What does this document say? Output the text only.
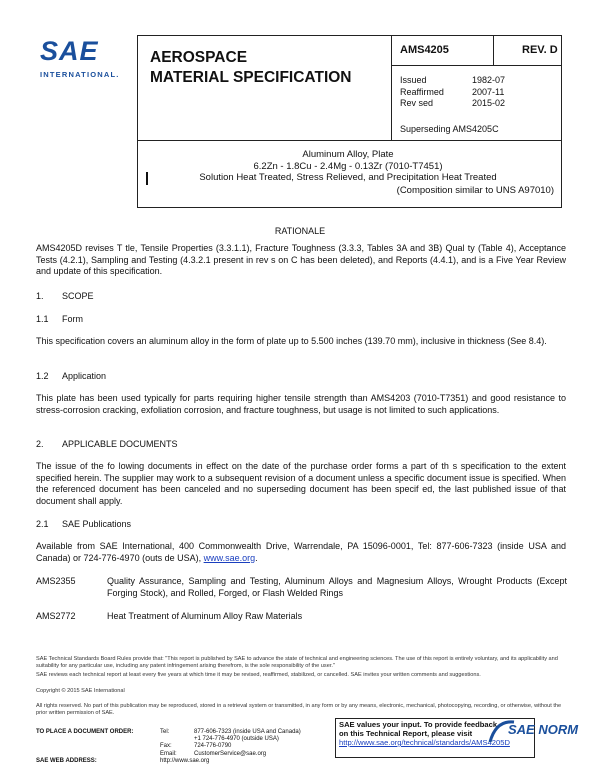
SAE
INTERNATIONAL.
AEROSPACE
MATERIAL SPECIFICATION
AMS4205	REV. D
Issued	1982-07
Reaffirmed	2007-11
Rev sed	2015-02
Superseding AMS4205C
Aluminum Alloy, Plate
6.2Zn - 1.8Cu - 2.4Mg - 0.13Zr (7010-T7451)
Solution Heat Treated, Stress Relieved, and Precipitation Heat Treated
(Composition similar to UNS A97010)
RATIONALE
AMS4205D revises T tle, Tensile Properties (3.3.1.1), Fracture Toughness (3.3.3, Tables 3A and 3B) Qual ty (Table 4), Acceptance Tests (4.2.1), Sampling and Testing (4.3.2.1 present in rev s on C has been deleted), and Reports (4.4.1), and is a Five Year Review and update of this specification.
1. SCOPE
1.1 Form
This specification covers an aluminum alloy in the form of plate up to 5.500 inches (139.70 mm), inclusive in thickness (See 8.4).
1.2 Application
This plate has been used typically for parts requiring higher tensile strength than AMS4203 (7010-T7351) and good resistance to stress-corrosion cracking, exfoliation corrosion, and fracture toughness, but usage is not limited to such applications.
2. APPLICABLE DOCUMENTS
The issue of the fo lowing documents in effect on the date of the purchase order forms a part of th s specification to the extent specified herein. The supplier may work to a subsequent revision of a document unless a specific document issue is specified. When the referenced document has been canceled and no superseding document has been specif ed, the last published issue of that document shall apply.
2.1 SAE Publications
Available from SAE International, 400 Commonwealth Drive, Warrendale, PA 15096-0001, Tel: 877-606-7323 (inside USA and Canada) or 724-776-4970 (outs de USA), www.sae.org.
AMS2355	Quality Assurance, Sampling and Testing, Aluminum Alloys and Magnesium Alloys, Wrought Products (Except Forging Stock), and Rolled, Forged, or Flash Welded Rings
AMS2772	Heat Treatment of Aluminum Alloy Raw Materials
SAE Technical Standards Board Rules provide that: "This report is published by SAE to advance the state of technical and engineering sciences. The use of this report is entirely voluntary, and its applicability and suitability for any particular use, including any patent infringement arising therefrom, is the sole responsibility of the user."
SAE reviews each technical report at least every five years at which time it may be revised, reaffirmed, stabilized, or cancelled. SAE invites your written comments and suggestions.
Copyright © 2015 SAE International
All rights reserved. No part of this publication may be reproduced, stored in a retrieval system or transmitted, in any form or by any means, electronic, mechanical, photocopying, recording, or otherwise, without the prior written permission of SAE.
TO PLACE A DOCUMENT ORDER:	Tel:	877-606-7323 (inside USA and Canada)
+1 724-776-4970 (outside USA)
Fax:	724-776-0790
Email:	CustomerService@sae.org
SAE WEB ADDRESS:	http://www.sae.org
SAE values your input. To provide feedback
on this Technical Report, please visit
http://www.sae.org/technical/standards/AMS4205D
SAE NORM
